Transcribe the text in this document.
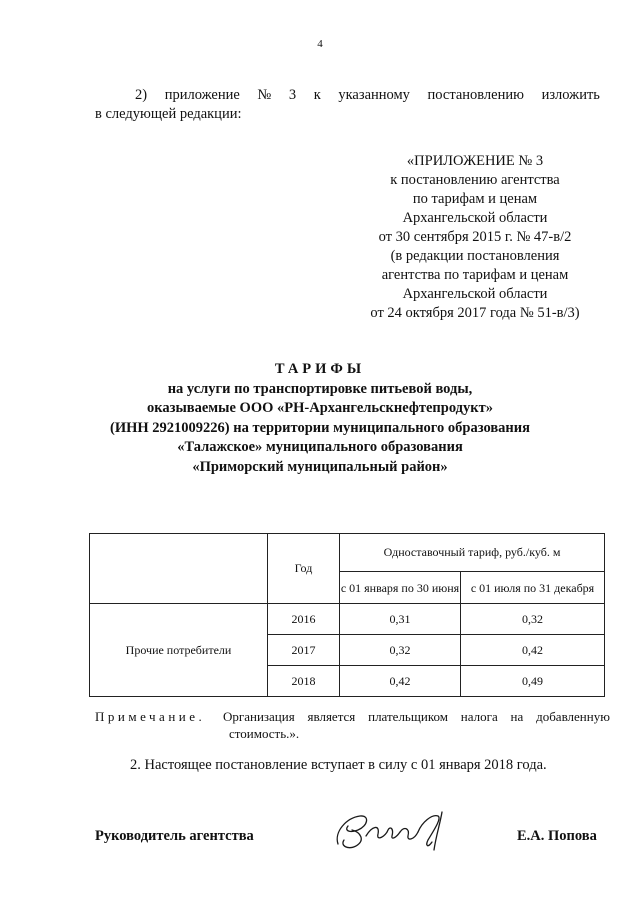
4
2) приложение № 3 к указанному постановлению изложить
в следующей редакции:
«ПРИЛОЖЕНИЕ № 3
к постановлению агентства
по тарифам и ценам
Архангельской области
от 30 сентября 2015 г. № 47-в/2
(в редакции постановления
агентства по тарифам и ценам
Архангельской области
от 24 октября 2017 года № 51-в/3)
ТАРИФЫ
на услуги по транспортировке питьевой воды,
оказываемые ООО «РН-Архангельскнефтепродукт»
(ИНН 2921009226) на территории муниципального образования
«Талажское» муниципального образования
«Приморский муниципальный район»
	Год	Одноставочный тариф, руб./куб. м	
		с 01 января по 30 июня	с 01 июля по 31 декабря
Прочие потребители	2016	0,31	0,32
	2017	0,32	0,42
	2018	0,42	0,49
Примечание.	Организация является плательщиком налога на добавленную
стоимость.».
2. Настоящее постановление вступает в силу с 01 января 2018 года.
Руководитель агентства	Е.А. Попова
